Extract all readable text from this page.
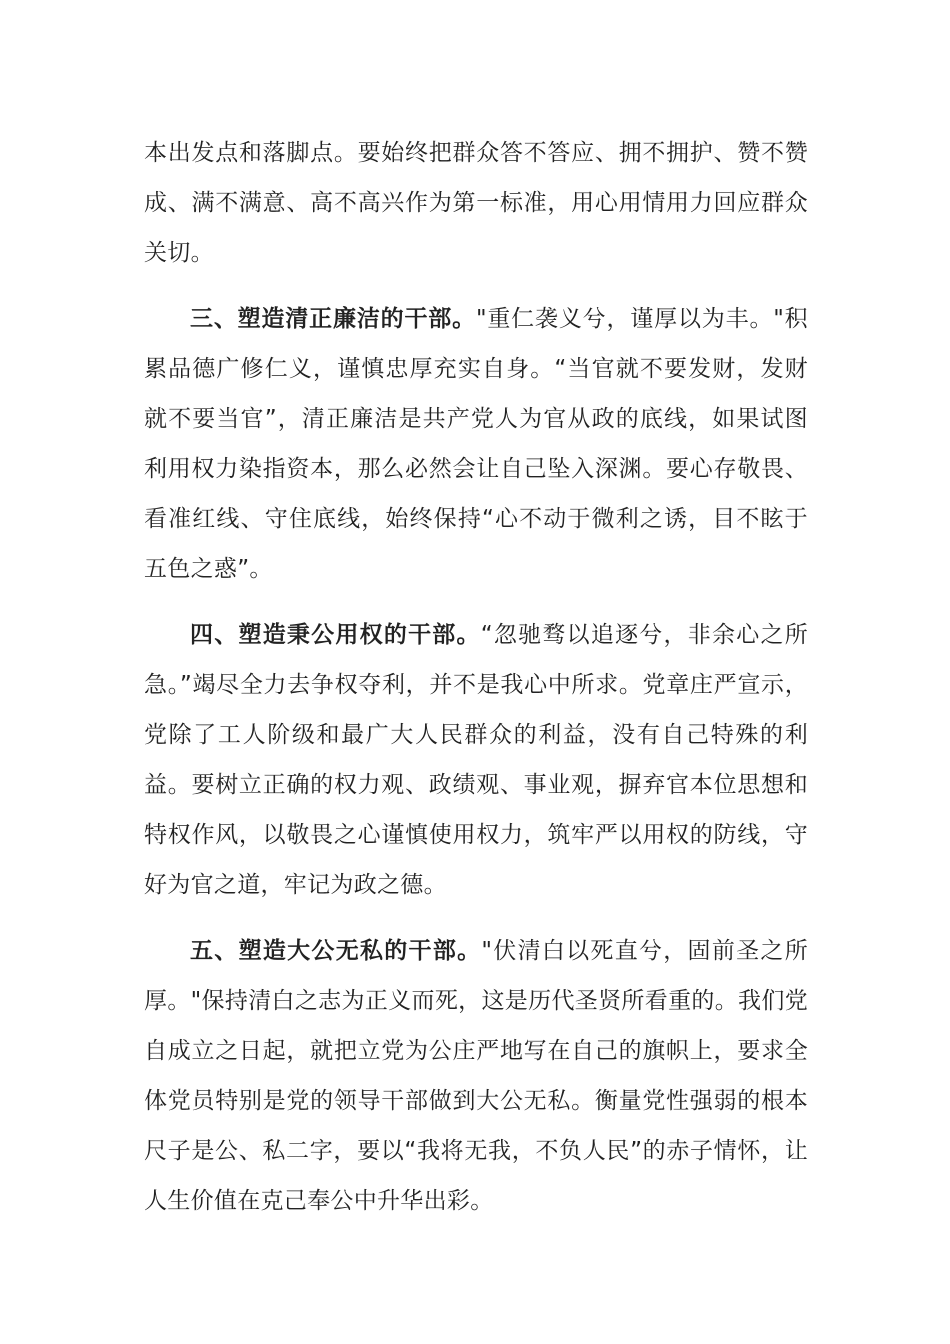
本出发点和落脚点。要始终把群众答不答应、拥不拥护、赞不赞成、满不满意、高不高兴作为第一标准，用心用情用力回应群众关切。

三、塑造清正廉洁的干部。"重仁袭义兮，谨厚以为丰。"积累品德广修仁义，谨慎忠厚充实自身。“当官就不要发财，发财就不要当官”，清正廉洁是共产党人为官从政的底线，如果试图利用权力染指资本，那么必然会让自己坠入深渊。要心存敬畏、看准红线、守住底线，始终保持“心不动于微利之诱，目不眩于五色之惑”。

四、塑造秉公用权的干部。“忽驰骛以追逐兮，非余心之所急。”竭尽全力去争权夺利，并不是我心中所求。党章庄严宣示，党除了工人阶级和最广大人民群众的利益，没有自己特殊的利益。要树立正确的权力观、政绩观、事业观，摒弃官本位思想和特权作风，以敬畏之心谨慎使用权力，筑牢严以用权的防线，守好为官之道，牢记为政之德。

五、塑造大公无私的干部。"伏清白以死直兮，固前圣之所厚。"保持清白之志为正义而死，这是历代圣贤所看重的。我们党自成立之日起，就把立党为公庄严地写在自己的旗帜上，要求全体党员特别是党的领导干部做到大公无私。衡量党性强弱的根本尺子是公、私二字，要以“我将无我，不负人民”的赤子情怀，让人生价值在克己奉公中升华出彩。
